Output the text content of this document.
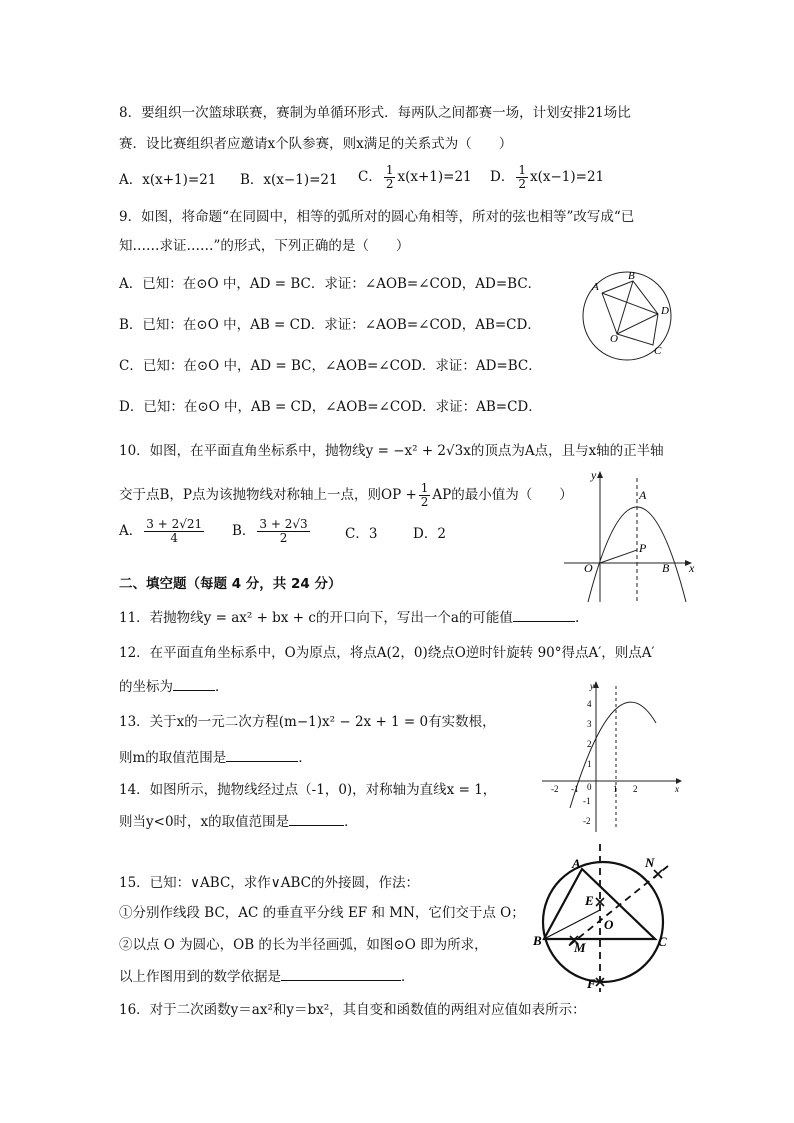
8．要组织一次篮球联赛，赛制为单循环形式．每两队之间都赛一场，计划安排21场比
赛．设比赛组织者应邀请x个队参赛，则x满足的关系式为（　　）
A．x(x+1)=21 B．x(x−1)=21 C． $\frac{1}{2} x(x+1)=21$ D． $\frac{1}{2} x(x-1)=21$
9．如图，将命题“在同圆中，相等的弧所对的圆心角相等，所对的弦也相等”改写成“已
知……求证……”的形式，下列正确的是（　　）
A．已知：在⊙O 中，AD = BC．求证：∠AOB=∠COD，AD=BC．
B．已知：在⊙O 中，AB = CD．求证：∠AOB=∠COD，AB=CD．
C．已知：在⊙O 中，AD = BC，∠AOB=∠COD．求证：AD=BC．
D．已知：在⊙O 中，AB = CD，∠AOB=∠COD．求证：AB=CD．
A
B
D
O
C
10．如图，在平面直角坐标系中，抛物线y = −x² + 2√3x的顶点为A点，且与x轴的正半轴
交于点B，P点为该抛物线对称轴上一点，则OP + $\frac{1}{2}$ AP的最小值为（　　）
A． $\frac{3 + 2√21}{4}$ B． $\frac{3 + 2√3}{2}$	C．3	D．2
y
A
P
O	B x
二、填空题（每题 4 分，共 24 分）
11．若抛物线y = ax² + bx + c的开口向下，写出一个a的可能值	.
12．在平面直角坐标系中，O为原点，将点A(2，0)绕点O逆时针旋转 90°得点A′，则点A′
的坐标为	．
13．关于x的一元二次方程(m−1)x² − 2x + 1 = 0有实数根，
则m的取值范围是	．
14．如图所示，抛物线经过点（-1，0)，对称轴为直线x = 1，
则当y<0时，x的取值范围是	．
4
3
2
1
0
-1
-2
-2 -1	1 2
y
x
15．已知：∨ABC，求作∨ABC的外接圆，作法：
①分别作线段 BC，AC 的垂直平分线 EF 和 MN，它们交于点 O；
②以点 O 为圆心，OB 的长为半径画弧，如图⊙O 即为所求，
以上作图用到的数学依据是	．
A	N
E
O
B M	C
F
16．对于二次函数y＝ax²和y＝bx²，其自变和函数值的两组对应值如表所示：
